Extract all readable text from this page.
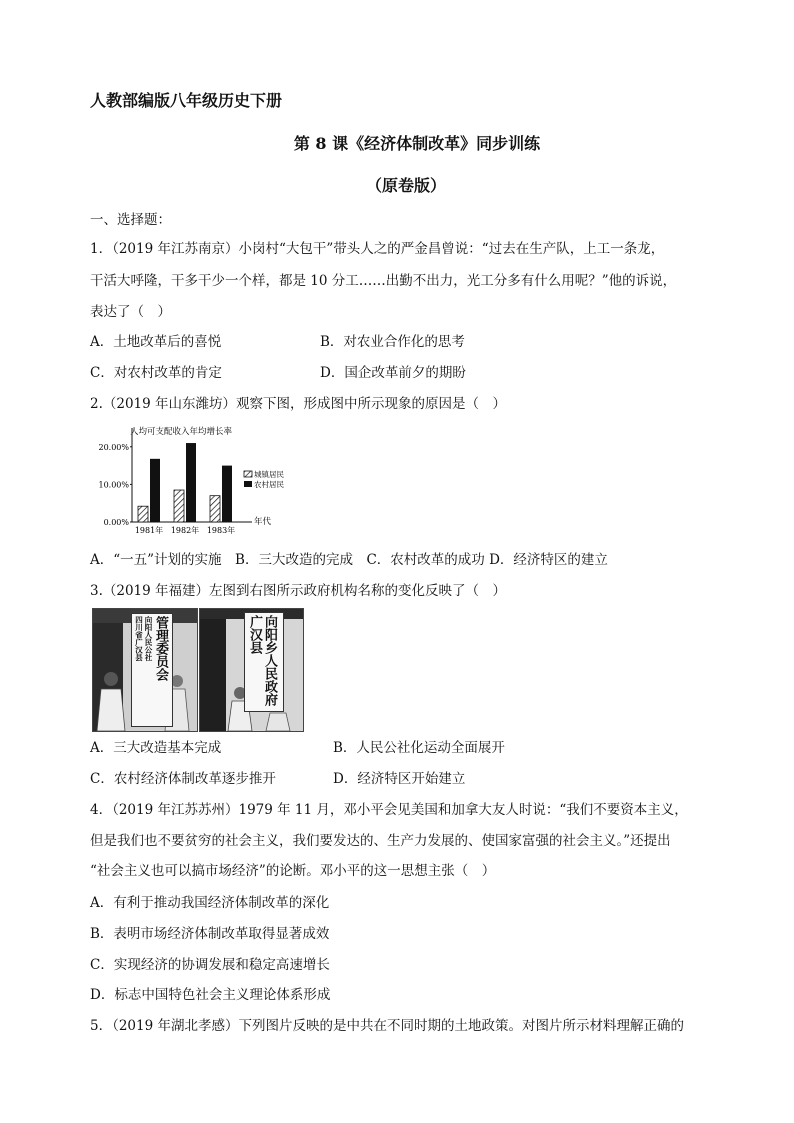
人教部编版八年级历史下册
第 8 课《经济体制改革》同步训练
（原卷版）
一、选择题：
1．（2019 年江苏南京）小岗村“大包干”带头人之的严金昌曾说：“过去在生产队，上工一条龙，
干活大呼隆，干多干少一个样，都是 10 分工……出勤不出力，光工分多有什么用呢？”他的诉说，
表达了（　）
A．土地改革后的喜悦	B．对农业合作化的思考
C．对农村改革的肯定	D．国企改革前夕的期盼
2.（2019 年山东潍坊）观察下图，形成图中所示现象的原因是（　）
人均可支配收入年均增长率
0.00%
10.00%
20.00%
1981年 1982年 1983年
年代
城镇居民
农村居民
A．“一五”计划的实施　B．三大改造的完成　C．农村改革的成功 D．经济特区的建立
3.（2019 年福建）左图到右图所示政府机构名称的变化反映了（　）
四川省广汉县 向阳人民公社 管理委员会	广汉县 向阳乡人民政府
A．三大改造基本完成	B．人民公社化运动全面展开
C．农村经济体制改革逐步推开	D．经济特区开始建立
4．（2019 年江苏苏州）1979 年 11 月，邓小平会见美国和加拿大友人时说：“我们不要资本主义，
但是我们也不要贫穷的社会主义，我们要发达的、生产力发展的、使国家富强的社会主义。”还提出
“社会主义也可以搞市场经济”的论断。邓小平的这一思想主张（　）
A．有利于推动我国经济体制改革的深化
B．表明市场经济体制改革取得显著成效
C．实现经济的协调发展和稳定高速增长
D．标志中国特色社会主义理论体系形成
5．（2019 年湖北孝感）下列图片反映的是中共在不同时期的土地政策。对图片所示材料理解正确的
